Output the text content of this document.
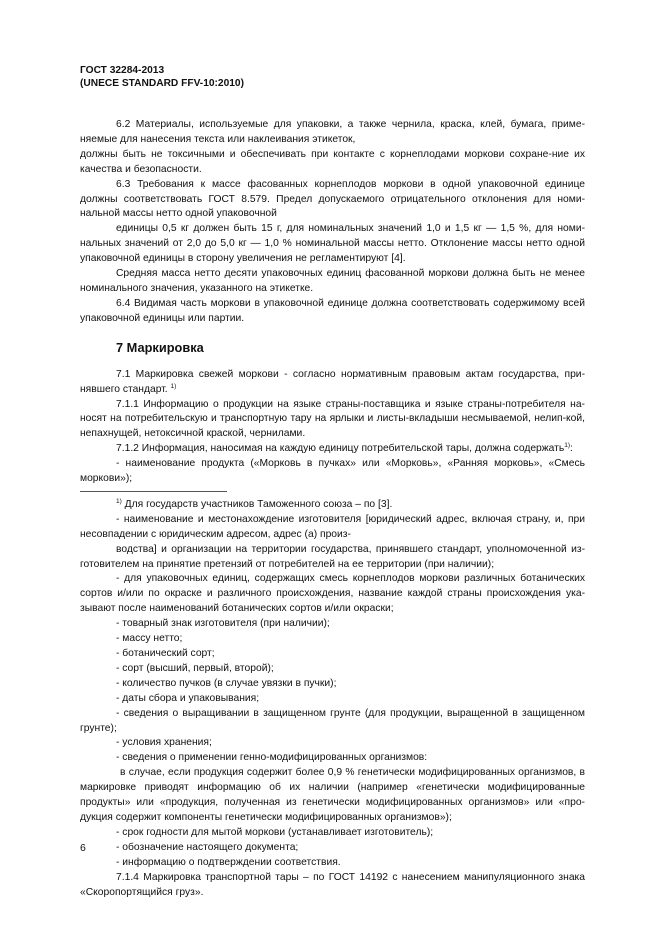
ГОСТ 32284-2013
(UNECE STANDARD FFV-10:2010)

6.2 Материалы, используемые для упаковки, а также чернила, краска, клей, бумага, приме-няемые для нанесения текста или наклеивания этикеток,

должны быть не токсичными и обеспечивать при контакте с корнеплодами моркови сохране-ние их качества и безопасности.

6.3 Требования к массе фасованных корнеплодов моркови в одной упаковочной единице должны соответствовать ГОСТ 8.579. Предел допускаемого отрицательного отклонения для номи-нальной массы нетто одной упаковочной

единицы 0,5 кг должен быть 15 г, для номинальных значений 1,0 и 1,5 кг — 1,5 %, для номи-нальных значений от 2,0 до 5,0 кг — 1,0 % номинальной массы нетто. Отклонение массы нетто одной упаковочной единицы в сторону увеличения не регламентируют [4].

Средняя масса нетто десяти упаковочных единиц фасованной моркови должна быть не менее номинального значения, указанного на этикетке.

6.4 Видимая часть моркови в упаковочной единице должна соответствовать содержимому всей упаковочной единицы или партии.

7 Маркировка

7.1 Маркировка свежей моркови - согласно нормативным правовым актам государства, при-нявшего стандарт. $^{1)}$

7.1.1 Информацию о продукции на языке страны-поставщика и языке страны-потребителя на-носят на потребительскую и транспортную тару на ярлыки и листы-вкладыши несмываемой, нелип-кой, непахнущей, нетоксичной краской, чернилами.

7.1.2 Информация, наносимая на каждую единицу потребительской тары, должна содержать$^{1)}$:

- наименование продукта («Морковь в пучках» или «Морковь», «Ранняя морковь», «Смесь моркови»);

$^{1)}$ Для государств участников Таможенного союза – по [3].

- наименование и местонахождение изготовителя [юридический адрес, включая страну, и, при несовпадении с юридическим адресом, адрес (а) произ-

водства] и организации на территории государства, принявшего стандарт, уполномоченной из-готовителем на принятие претензий от потребителей на ее территории (при наличии);

- для упаковочных единиц, содержащих смесь корнеплодов моркови различных ботанических сортов и/или по окраске и различного происхождения, название каждой страны происхождения ука-зывают после наименований ботанических сортов и/или окраски;

- товарный знак изготовителя (при наличии);

- массу нетто;

- ботанический сорт;

- сорт (высший, первый, второй);

- количество пучков (в случае увязки в пучки);

- даты сбора и упаковывания;

- сведения о выращивании в защищенном грунте (для продукции, выращенной в защищенном грунте);

- условия хранения;

- сведения о применении генно-модифицированных организмов:

в случае, если продукция содержит более 0,9 % генетически модифицированных организмов, в маркировке приводят информацию об их наличии (например «генетически модифицированные продукты» или «продукция, полученная из генетически модифицированных организмов» или «про-дукция содержит компоненты генетически модифицированных организмов»);

- срок годности для мытой моркови (устанавливает изготовитель);

- обозначение настоящего документа;

- информацию о подтверждении соответствия.

7.1.4 Маркировка транспортной тары – по ГОСТ 14192 с нанесением манипуляционного знака «Скоропортящийся груз».

6
